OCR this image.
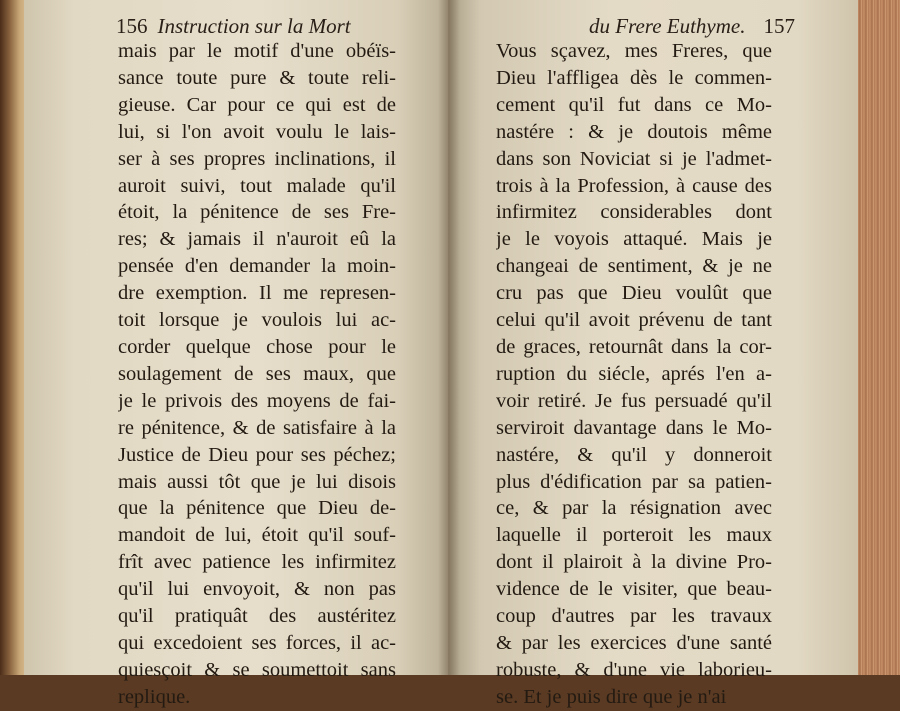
156 Instruction sur la Mort	du Frere Euthyme. 157
mais par le motif d'une obéïs-
sance toute pure & toute reli-
gieuse. Car pour ce qui est de
lui, si l'on avoit voulu le lais-
ser à ses propres inclinations, il
auroit suivi, tout malade qu'il
étoit, la pénitence de ses Fre-
res; & jamais il n'auroit eû la
pensée d'en demander la moin-
dre exemption. Il me represen-
toit lorsque je voulois lui ac-
corder quelque chose pour le
soulagement de ses maux, que
je le privois des moyens de fai-
re pénitence, & de satisfaire à la
Justice de Dieu pour ses péchez;
mais aussi tôt que je lui disois
que la pénitence que Dieu de-
mandoit de lui, étoit qu'il souf-
frît avec patience les infirmitez
qu'il lui envoyoit, & non pas
qu'il pratiquât des austéritez
qui excedoient ses forces, il ac-
quiesçoit & se soumettoit sans
replique.
Vous sçavez, mes Freres, que
Dieu l'affligea dès le commen-
cement qu'il fut dans ce Mo-
nastére : & je doutois même
dans son Noviciat si je l'admet-
trois à la Profession, à cause des
infirmitez considerables dont
je le voyois attaqué. Mais je
changeai de sentiment, & je ne
cru pas que Dieu voulût que
celui qu'il avoit prévenu de tant
de graces, retournât dans la cor-
ruption du siécle, aprés l'en a-
voir retiré. Je fus persuadé qu'il
serviroit davantage dans le Mo-
nastére, & qu'il y donneroit
plus d'édification par sa patien-
ce, & par la résignation avec
laquelle il porteroit les maux
dont il plairoit à la divine Pro-
vidence de le visiter, que beau-
coup d'autres par les travaux
& par les exercices d'une santé
robuste, & d'une vie laborieu-
se. Et je puis dire que je n'ai
